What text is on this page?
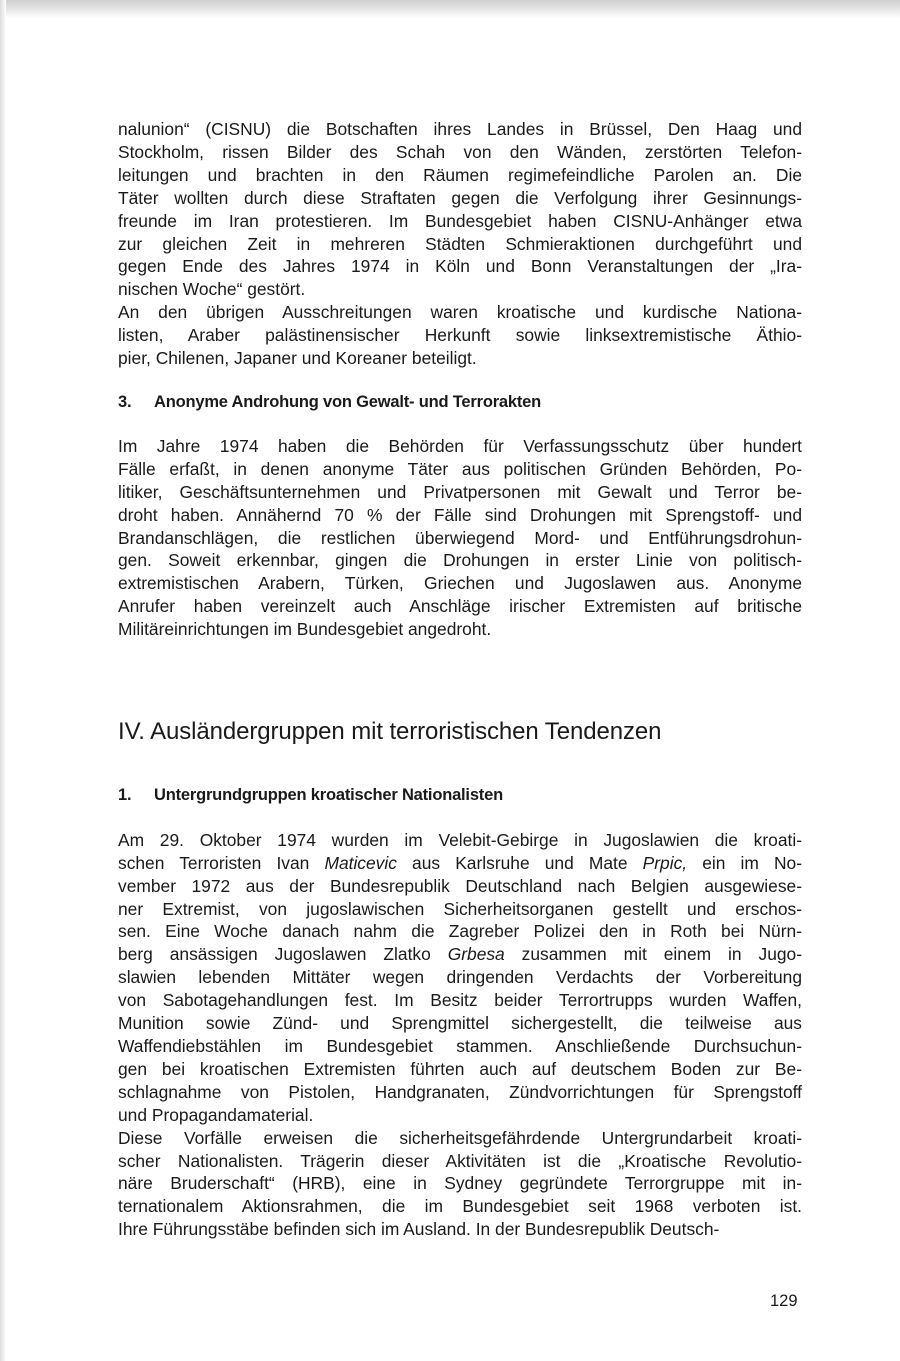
nalunion“ (CISNU) die Botschaften ihres Landes in Brüssel, Den Haag und
Stockholm, rissen Bilder des Schah von den Wänden, zerstörten Telefon-
leitungen und brachten in den Räumen regimefeindliche Parolen an. Die
Täter wollten durch diese Straftaten gegen die Verfolgung ihrer Gesinnungs-
freunde im Iran protestieren. Im Bundesgebiet haben CISNU-Anhänger etwa
zur gleichen Zeit in mehreren Städten Schmieraktionen durchgeführt und
gegen Ende des Jahres 1974 in Köln und Bonn Veranstaltungen der „Ira-
nischen Woche“ gestört.
An den übrigen Ausschreitungen waren kroatische und kurdische Nationa-
listen, Araber palästinensischer Herkunft sowie linksextremistische Äthio-
pier, Chilenen, Japaner und Koreaner beteiligt.
3. Anonyme Androhung von Gewalt- und Terrorakten
Im Jahre 1974 haben die Behörden für Verfassungsschutz über hundert
Fälle erfaßt, in denen anonyme Täter aus politischen Gründen Behörden, Po-
litiker, Geschäftsunternehmen und Privatpersonen mit Gewalt und Terror be-
droht haben. Annähernd 70 % der Fälle sind Drohungen mit Sprengstoff- und
Brandanschlägen, die restlichen überwiegend Mord- und Entführungsdrohun-
gen. Soweit erkennbar, gingen die Drohungen in erster Linie von politisch-
extremistischen Arabern, Türken, Griechen und Jugoslawen aus. Anonyme
Anrufer haben vereinzelt auch Anschläge irischer Extremisten auf britische
Militäreinrichtungen im Bundesgebiet angedroht.
IV. Ausländergruppen mit terroristischen Tendenzen
1. Untergrundgruppen kroatischer Nationalisten
Am 29. Oktober 1974 wurden im Velebit-Gebirge in Jugoslawien die kroati-
schen Terroristen Ivan Maticevic aus Karlsruhe und Mate Prpic, ein im No-
vember 1972 aus der Bundesrepublik Deutschland nach Belgien ausgewiese-
ner Extremist, von jugoslawischen Sicherheitsorganen gestellt und erschos-
sen. Eine Woche danach nahm die Zagreber Polizei den in Roth bei Nürn-
berg ansässigen Jugoslawen Zlatko Grbesa zusammen mit einem in Jugo-
slawien lebenden Mittäter wegen dringenden Verdachts der Vorbereitung
von Sabotagehandlungen fest. Im Besitz beider Terrortrupps wurden Waffen,
Munition sowie Zünd- und Sprengmittel sichergestellt, die teilweise aus
Waffendiebstählen im Bundesgebiet stammen. Anschließende Durchsuchun-
gen bei kroatischen Extremisten führten auch auf deutschem Boden zur Be-
schlagnahme von Pistolen, Handgranaten, Zündvorrichtungen für Sprengstoff
und Propagandamaterial.
Diese Vorfälle erweisen die sicherheitsgefährdende Untergrundarbeit kroati-
scher Nationalisten. Trägerin dieser Aktivitäten ist die „Kroatische Revolutio-
näre Bruderschaft“ (HRB), eine in Sydney gegründete Terrorgruppe mit in-
ternationalem Aktionsrahmen, die im Bundesgebiet seit 1968 verboten ist.
Ihre Führungsstäbe befinden sich im Ausland. In der Bundesrepublik Deutsch-
129
